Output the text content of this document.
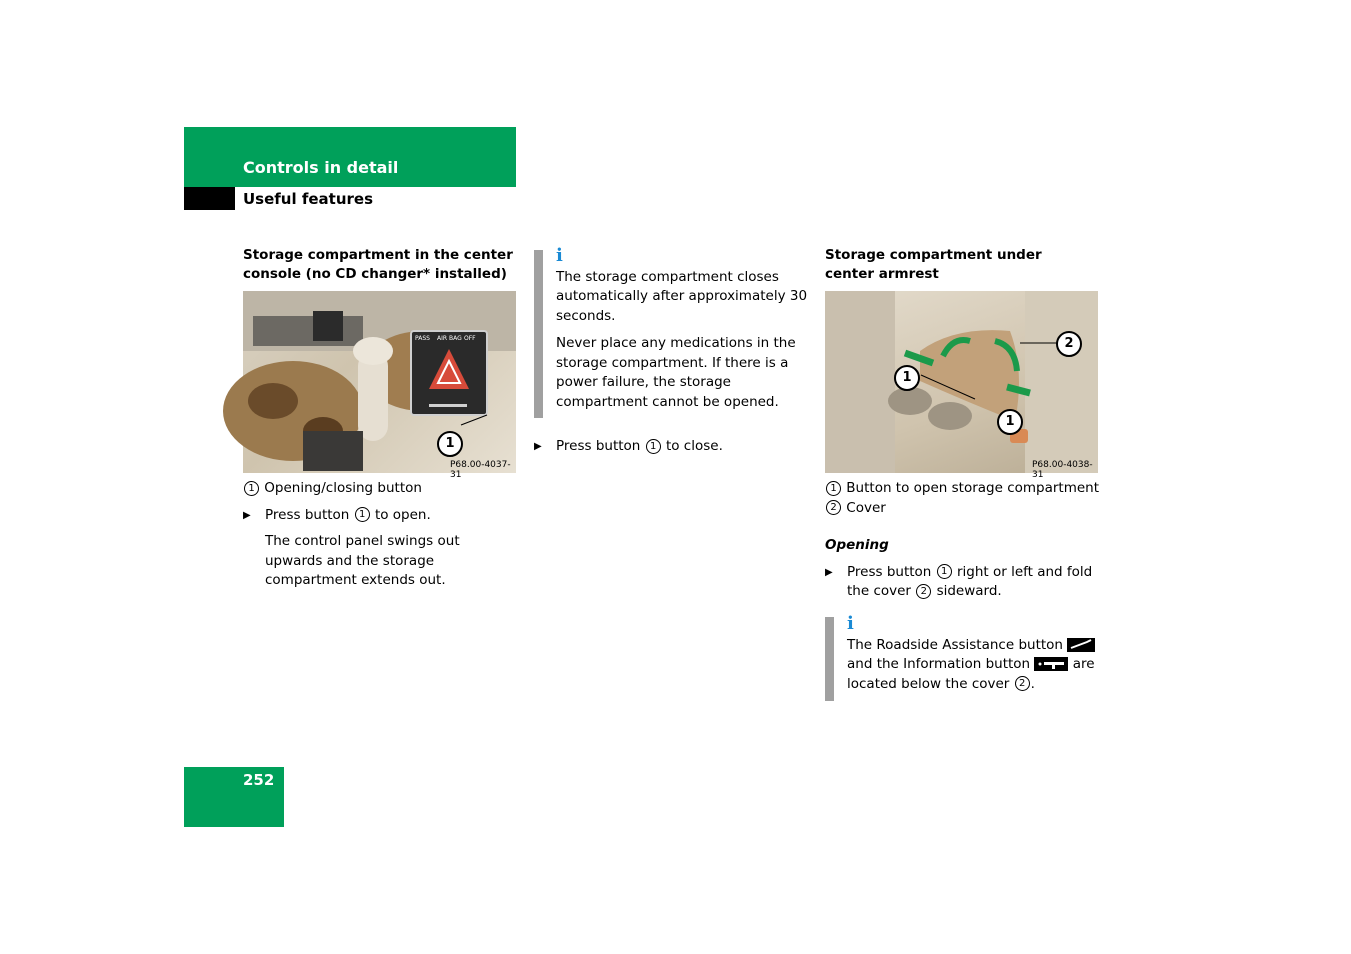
Controls in detail
Useful features
Storage compartment in the center console (no CD changer* installed)
PASS AIR BAG OFF
1
P68.00-4037-31
1 Opening/closing button
▶ Press button 1 to open.
The control panel swings out upwards and the storage compartment extends out.
i
The storage compartment closes automatically after approximately 30 seconds.
Never place any medications in the storage compartment. If there is a power failure, the storage compartment cannot be opened.
▶ Press button 1 to close.
Storage compartment under center armrest
1
1
2
P68.00-4038-31
1 Button to open storage compartment
2 Cover
Opening
▶ Press button 1 right or left and fold the cover 2 sideward.
i
The Roadside Assistance button  and the Information button	are located below the cover 2 .
252
